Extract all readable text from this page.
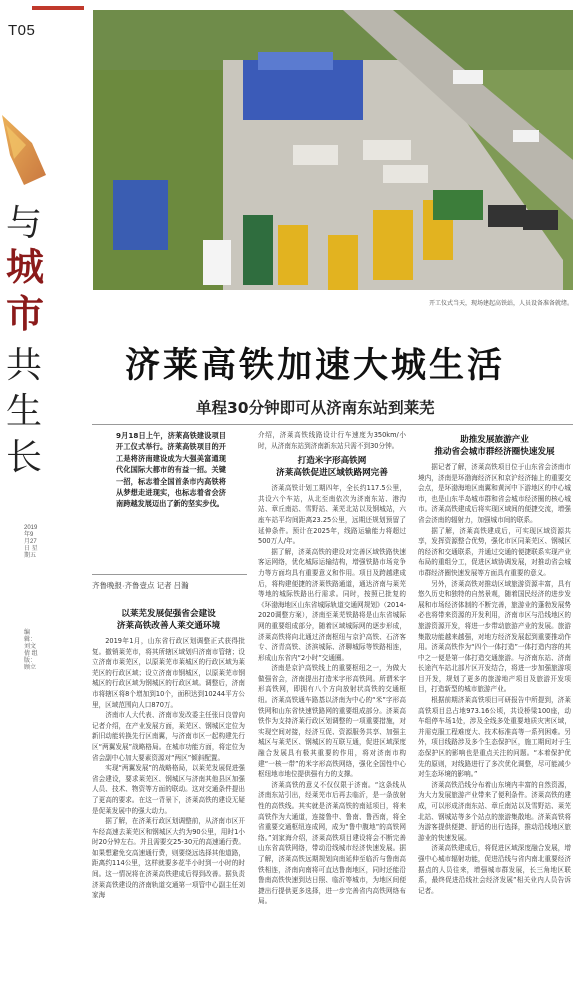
T05
与
城
市
共
生
长
2019年9月27日 星期五
编辑：刘文倩 组版：顾立
开工仪式当天，现场建起高铁站，人员设备准备就绪。
济莱高铁加速大城生活
单程30分钟即可从济南东站到莱芜
9月18日上午，济莱高铁建设项目开工仪式举行。济莱高铁项目的开工是将济南建设成为大强美富通现代化国际大都市的有益一招。关键一招，标志着全国首条市内高铁将从梦想走进现实，也标志着省会济南跨越发展迈出了新的坚实步伐。
齐鲁晚报·齐鲁壹点 记者 吕瀚
以莱芜发展促强省会建设
济莱高铁改善人莱交通环境

2019年1月，山东省行政区划调整正式获得批复。撤销莱芜市，将其所辖区域划归济南市管辖；设立济南市莱芜区，以原莱芜市莱城区的行政区域为莱芜区的行政区域；设立济南市钢城区，以原莱芜市钢城区的行政区域为钢城区的行政区域。调整后，济南市将辖区将8个增加到10个，面积达到10244平方公里，区域范围向人口870万。

济南市人大代表、济南市发改委主任张曰良曾向记者介绍，在产业发展方面，莱芜区、钢城区定位为新旧动能转换先行区南翼，与济南市区一起构建先行区“两翼发展”战略格局。在城市功能方面，将定位为省会副中心加大要素资源对“两区”倾斜配置。

实现“两翼发展”的战略格局，以莱芜发展促进强省会建设，要求莱芜区、钢城区与济南其他县区加强人员、技术、物资等方面的联动。这对交通条件提出了更高的要求。在这一背景下，济莱高铁的建设无疑是促莱发展中的强大动力。

据了解，在济莱行政区划调整前，从济南市区开车经高速去莱芜区和钢城区大约为90公里，用时1小时20分钟左右。并且需要交25-30元的高速通行费。如果想避免交高速通行费，则要绕远选择其他道路，距离约114公里，这样就要多花半小时到一小时的时间。这一情况将在济莱高铁建成后得到改善。据负责济莱高铁建设的济南轨道交通第一项管中心副主任刘家海

介绍，济莱高铁线路设计行车速度为350km/小时，从济南东站到济南新东站只需不到30分钟。

打造米字形高铁网
济莱高铁促进区域铁路网完善

济莱高铁计划工期四年，全长约117.5公里，共设六个车站，从北至南依次为济南东站、港沟站、章丘南站、雪野站、莱芜北站以及钢城站，六座车站平均间距离23.25公里，远期还规划预留了延伸条件。预计在2025年，线路运输能力将超过500万人/年。

据了解，济莱高铁的建设对完善区域铁路快速客运网络，优化城际运输结构，增强铁路市场竞争力等方面均具有重要意义和作用。项目及跨越建成后，将构建便捷的济莱铁路通道，通达济南与莱芜等地的城际铁路出行需求。同时，按照已批复的《环渤海地区山东省城际轨道交通网规划》（2014-2020调整方案），济南至莱芜铁路将是山东省城际网的重要组成部分，随着区域城际网的逐步形成，济莱高铁将向北通过济南枢纽与京沪高铁、石济客专、济青高铁、济滨城际、济聊城际等铁路相连，形成山东省内“2小时”交通圈。

济南是京沪高铁线上的重要枢纽之一，为做大做强省会，济南提出打造米字形高铁网。所谓米字形高铁网，即拥有八个方向放射状高铁的交通枢纽。济莱高铁通车路基以济南为中心的“米”字形高铁网和山东省快速铁路网的重要组成部分。济莱高铁作为支持济莱行政区划调整的一项重要措施，对实现空间对接，经济互促、资源服务共享、加强主城区与莱芜区、钢城区的互联互通，促进区域深度融合发展具有极其重要的作用，将对济南市构建“一核一带”的米字形高铁网络，强化全国性中心枢纽地市地位提供强有力的支撑。

济莱高铁的意义不仅仅限于济南。“这条线从济南东站引出，经莱芜市后再去临沂，是一条放射性的高铁线。其实就是济莱高铁的南延项目，将来高铁作为大通道，连接鲁中、鲁南、鲁西南，将全省重要交通枢纽连成网，成为“鲁中腹地”的高铁网络。”刘家海介绍，济莱高铁项目建设将会不断完善山东省高铁网络，带动沿线城市经济快速发展。据了解，济莱高铁远期规划向南延伸至临沂与鲁南高铁相连，济南向南将可直达鲁南地区，同时还能沿鲁南高铁快速到达日照、临沂等城市，为地区间便捷出行提供更多选择，进一步完善省内高铁网络布局。

助推发展旅游产业
推动省会城市群经济圈快速发展

据记者了解，济莱高铁项目位于山东省会济南市境内，济南是环渤海经济区和京沪经济轴上的重要交会点，是环渤海地区南翼和黄河中下游地区的中心城市，也是山东半岛城市群和省会城市经济圈的核心城市。济莱高铁建成后将实现区域间的便捷交流，增强省会济南的辐射力，加强城市间的联系。

据了解，济莱高铁建成后，可实现区域资源共享，发挥资源整合优势，强化市区同莱芜区、钢城区的经济和交通联系，并通过交通的便捷联系实现产业布局的重组分工，促进区域协调发展，对推动省会城市群经济圈快速发展等方面具有重要的意义。

另外，济莱高铁对推动区域旅游资源丰富，具有悠久历史和独特的自然景观，随着国民经济的进步发展和市场经济体制的不断完善，旅游业的蓬勃发展势必也将带来资源的开发利用，济南市区与沿线地区的旅游资源开发，将进一步带动旅游产业的发展。旅游集散功能越来越强，对地方经济发展起到重要推动作用。济莱高铁作为“四个一体打造”一体打造内容的其中之一便是第一体打造交通旅游。与济南东站、济南长途汽车站北部片区开发结合，将进一步加强旅游项目开发，规划了更多的旅游地产项目及旅游开发项目，打造新型的城市旅游产业。

根据前期济莱高铁项目可研报告中所提到，济莱高铁项目总占地973.16公顷，共设桥梁100座，动车组停车场1处，涉及全线多处重要地质灾害区域，并需克服工程难度大、技术标准高等一系列困难。另外，项目线路涉及多个生态保护区，施工期间对于生态保护区的影响也是重点关注的问题。“本着保护优先的原则，对线路进行了多次优化调整，尽可能减少对生态环境的影响。”

济莱高铁沿线分布着山东境内丰富的自然资源，为大力发展旅游产业带来了便利条件。济莱高铁的建成，可以形成济南东站、章丘南站以及雪野站、莱芜北站、钢城站等多个站点的旅游集散地。济莱高铁将为游客提供便捷、舒适的出行选择，推动沿线地区旅游业的快速发展。

济莱高铁建成后，将促进区域深度融合发展，增强中心城市辐射功能，促进沿线与省内南北重要经济据点的人员往来，增强城市群发展，长三角地区联系，最终促进沿线社会经济发展”相关业内人员告诉记者。
